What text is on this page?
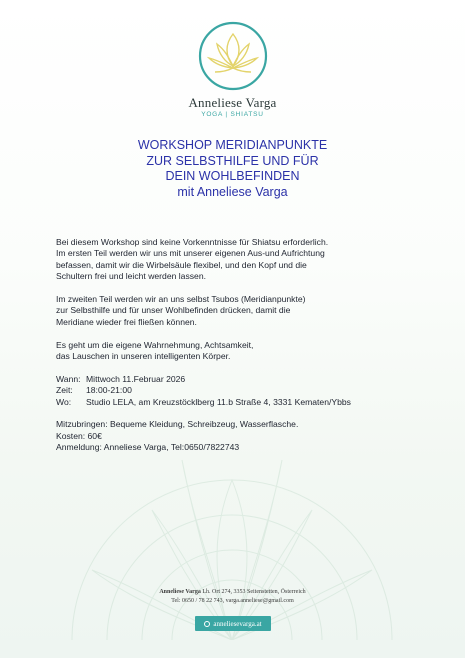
Anneliese Varga
YOGA | SHIATSU
WORKSHOP MERIDIANPUNKTE
ZUR SELBSTHILFE UND FÜR
DEIN WOHLBEFINDEN
mit Anneliese Varga

Bei diesem Workshop sind keine Vorkenntnisse für Shiatsu erforderlich.
Im ersten Teil werden wir uns mit unserer eigenen Aus-und Aufrichtung
befassen, damit wir die Wirbelsäule flexibel, und den Kopf und die
Schultern frei und leicht werden lassen.

Im zweiten Teil werden wir an uns selbst Tsubos (Meridianpunkte)
zur Selbsthilfe und für unser Wohlbefinden drücken, damit die
Meridiane wieder frei fließen können.

Es geht um die eigene Wahrnehmung, Achtsamkeit,
das Lauschen in unseren intelligenten Körper.

Wann: Mittwoch 11.Februar 2026
Zeit:	18:00-21:00
Wo:	Studio LELA, am Kreuzstöcklberg 11.b Straße 4, 3331 Kematen/Ybbs

Mitzubringen: Bequeme Kleidung, Schreibzeug, Wasserflasche.
Kosten: 60€
Anmeldung: Anneliese Varga, Tel:0650/7822743

Anneliese Varga Lh. Ort 274, 3353 Seitenstetten, Österreich
Tel: 0650 / 78 22 743, varga.anneliese@gmail.com
anneliesevarga.at
